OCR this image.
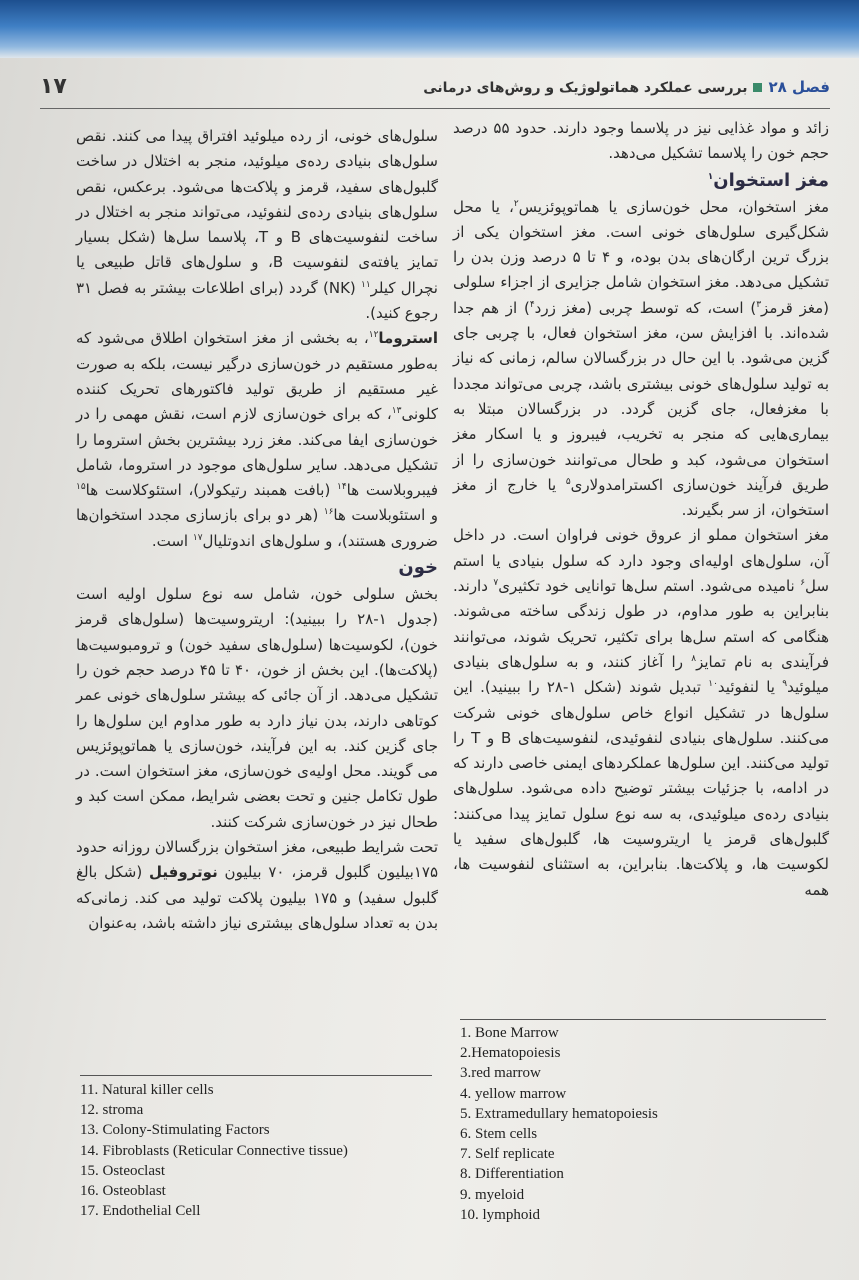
۱۷	فصل ۲۸بررسی عملکرد هماتولوژیک و روش‌های درمانی

زائد و مواد غذایی نیز در پلاسما وجود دارند. حدود ۵۵ درصد حجم خون را پلاسما تشکیل می‌دهد.

مغز استخوان$^۱$

مغز استخوان، محل خون‌سازی یا هماتوپوئزیس$^۲$، یا محل شکل‌گیری سلول‌های خونی است. مغز استخوان یکی از بزرگ ترین ارگان‌های بدن بوده، و ۴ تا ۵ درصد وزن بدن را تشکیل می‌دهد. مغز استخوان شامل جزایری از اجزاء سلولی (مغز قرمز$^۳$) است، که توسط چربی (مغز زرد$^۴$) از هم جدا شده‌اند. با افزایش سن، مغز استخوان فعال، با چربی جای گزین می‌شود. با این حال در بزرگسالان سالم، زمانی که نیاز به تولید سلول‌های خونی بیشتری باشد، چربی می‌تواند مجددا با مغزفعال، جای گزین گردد. در بزرگسالان مبتلا به بیماری‌هایی که منجر به تخریب، فیبروز و یا اسکار مغز استخوان می‌شود، کبد و طحال می‌توانند خون‌سازی را از طریق فرآیند خون‌سازی اکسترامدولاری$^۵$ یا خارج از مغز استخوان، از سر بگیرند.

مغز استخوان مملو از عروق خونی فراوان است. در داخل آن، سلول‌های اولیه‌ای وجود دارد که سلول بنیادی یا استم سل$^۶$ نامیده می‌شود. استم سل‌ها توانایی خود تکثیری$^۷$ دارند. بنابراین به طور مداوم، در طول زندگی ساخته می‌شوند. هنگامی که استم سل‌ها برای تکثیر، تحریک شوند، می‌توانند فرآیندی به نام تمایز$^۸$ را آغاز کنند، و به سلول‌های بنیادی میلوئید$^۹$ یا لنفوئید$^{۱۰}$ تبدیل شوند (شکل ۱-۲۸ را ببینید). این سلول‌ها در تشکیل انواع خاص سلول‌های خونی شرکت می‌کنند. سلول‌های بنیادی لنفوئیدی، لنفوسیت‌های B و T را تولید می‌کنند. این سلول‌ها عملکردهای ایمنی خاصی دارند که در ادامه، با جزئیات بیشتر توضیح داده می‌شود. سلول‌های بنیادی رده‌ی میلوئیدی، به سه نوع سلول تمایز پیدا می‌کنند: گلبول‌های قرمز یا اریتروسیت ها، گلبول‌های سفید یا لکوسیت ها، و پلاکت‌ها. بنابراین، به استثنای لنفوسیت ها، همه

سلول‌های خونی، از رده میلوئید افتراق پیدا می کنند. نقص سلول‌های بنیادی رده‌ی میلوئید، منجر به اختلال در ساخت گلبول‌های سفید، قرمز و پلاکت‌ها می‌شود. برعکس، نقص سلول‌های بنیادی رده‌ی لنفوئید، می‌تواند منجر به اختلال در ساخت لنفوسیت‌های B و T، پلاسما سل‌ها (شکل بسیار تمایز یافته‌ی لنفوسیت B، و سلول‌های قاتل طبیعی یا نچرال کیلر$^{۱۱}$ (NK) گردد (برای اطلاعات بیشتر به فصل ۳۱ رجوع کنید).

استروما$^{۱۲}$، به بخشی از مغز استخوان اطلاق می‌شود که به‌طور مستقیم در خون‌سازی درگیر نیست، بلکه به صورت غیر مستقیم از طریق تولید فاکتورهای تحریک کننده کلونی$^{۱۳}$، که برای خون‌سازی لازم است، نقش مهمی را در خون‌سازی ایفا می‌کند. مغز زرد بیشترین بخش استروما را تشکیل می‌دهد. سایر سلول‌های موجود در استروما، شامل فیبروبلاست ها$^{۱۴}$ (بافت همبند رتیکولار)، استئوکلاست ها$^{۱۵}$ و استئوبلاست ها$^{۱۶}$ (هر دو برای بازسازی مجدد استخوان‌ها ضروری هستند)، و سلول‌های اندوتلیال$^{۱۷}$ است.

خون

بخش سلولی خون، شامل سه نوع سلول اولیه است (جدول ۱-۲۸ را ببینید): اریتروسیت‌ها (سلول‌های قرمز خون)، لکوسیت‌ها (سلول‌های سفید خون) و ترومبوسیت‌ها (پلاکت‌ها). این بخش از خون، ۴۰ تا ۴۵ درصد حجم خون را تشکیل می‌دهد. از آن جائی که بیشتر سلول‌های خونی عمر کوتاهی دارند، بدن نیاز دارد به طور مداوم این سلول‌ها را جای گزین کند. به این فرآیند، خون‌سازی یا هماتوپوئزیس می گویند. محل اولیه‌ی خون‌سازی، مغز استخوان است. در طول تکامل جنین و تحت بعضی شرایط، ممکن است کبد و طحال نیز در خون‌سازی شرکت کنند.

تحت شرایط طبیعی، مغز استخوان بزرگسالان روزانه حدود ۱۷۵بیلیون گلبول قرمز، ۷۰ بیلیون نوتروفیل (شکل بالغ گلبول سفید) و ۱۷۵ بیلیون پلاکت تولید می کند. زمانی‌که بدن به تعداد سلول‌های بیشتری نیاز داشته باشد، به‌عنوان

1. Bone Marrow
2.Hematopoiesis
3.red marrow
4. yellow marrow
5. Extramedullary hematopoiesis
6. Stem cells
7. Self replicate
8. Differentiation
9. myeloid
10. lymphoid
11. Natural killer cells
12. stroma
13. Colony-Stimulating Factors
14. Fibroblasts (Reticular Connective tissue)
15. Osteoclast
16. Osteoblast
17. Endothelial Cell
